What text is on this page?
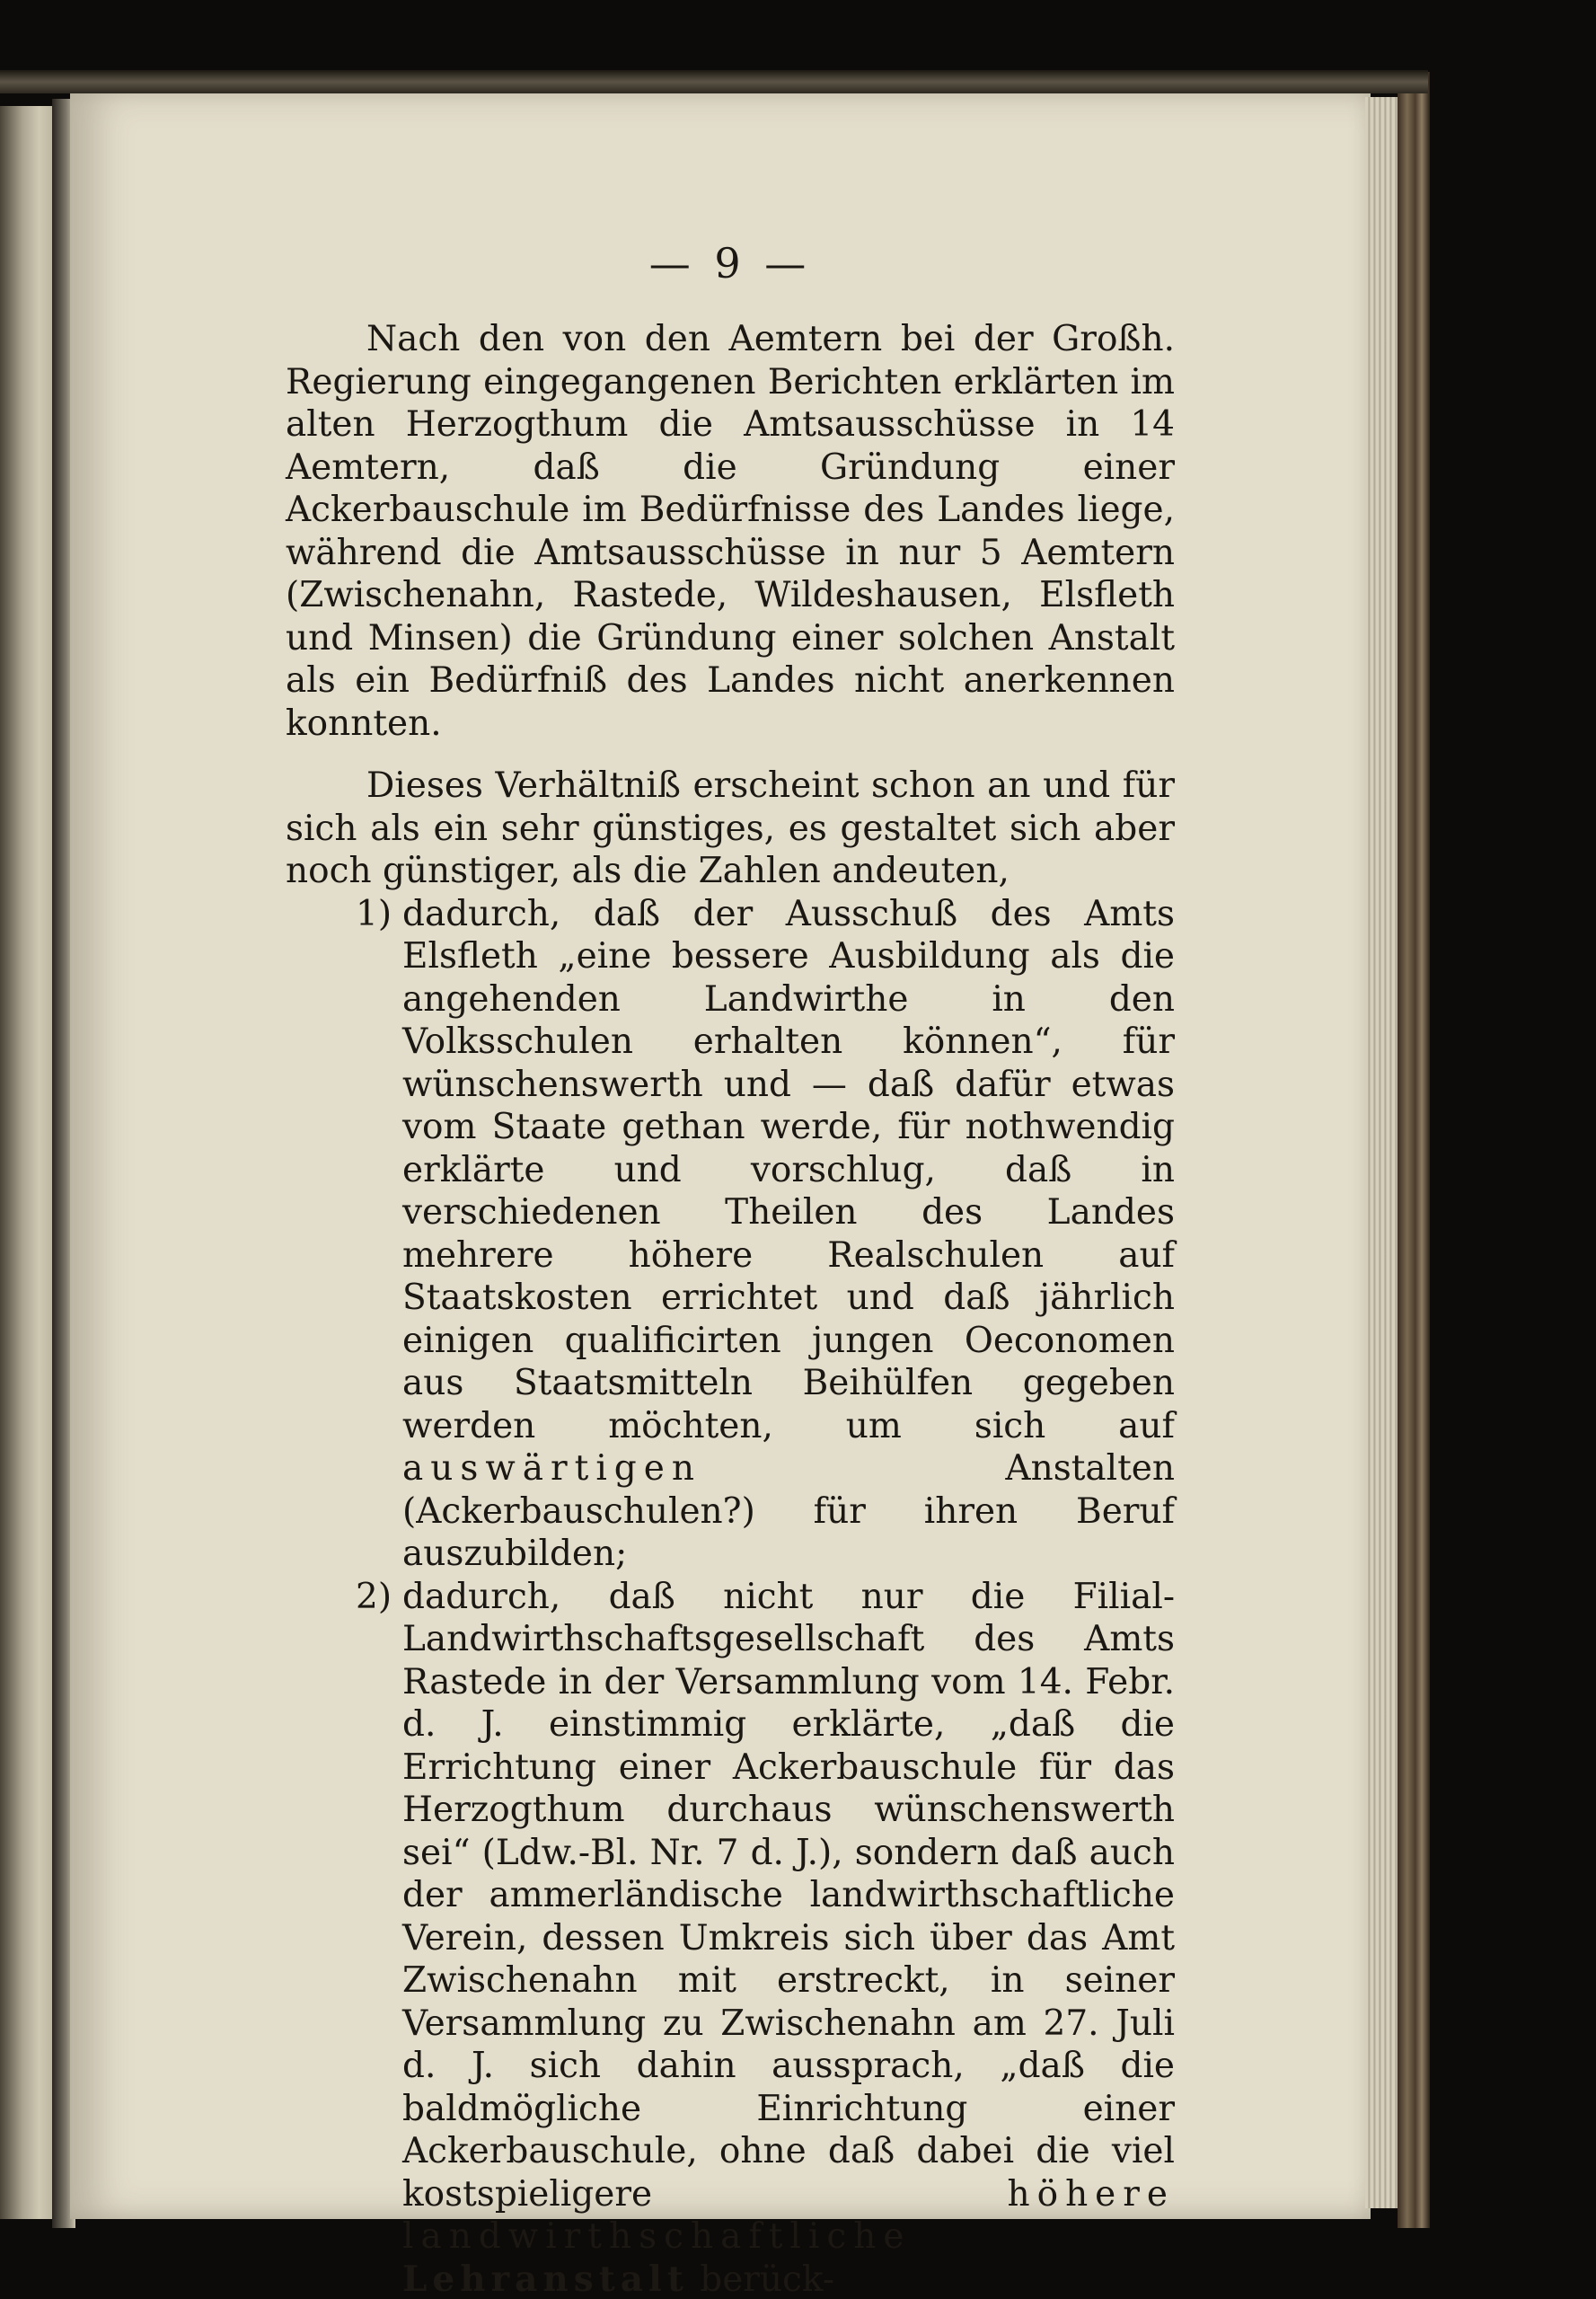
— 9 —

Nach den von den Aemtern bei der Großh. Regierung eingegangenen Berichten erklärten im alten Herzogthum die Amtsausschüsse in 14 Aemtern, daß die Gründung einer Ackerbauschule im Bedürfnisse des Landes liege, während die Amtsausschüsse in nur 5 Aemtern (Zwischenahn, Rastede, Wildeshausen, Elsfleth und Minsen) die Gründung einer solchen Anstalt als ein Bedürfniß des Landes nicht anerkennen konnten.

Dieses Verhältniß erscheint schon an und für sich als ein sehr günstiges, es gestaltet sich aber noch günstiger, als die Zahlen andeuten,

1) dadurch, daß der Ausschuß des Amts Elsfleth „eine bessere Ausbildung als die angehenden Landwirthe in den Volksschulen erhalten können“, für wünschenswerth und — daß dafür etwas vom Staate gethan werde, für nothwendig erklärte und vorschlug, daß in verschiedenen Theilen des Landes mehrere höhere Realschulen auf Staatskosten errichtet und daß jährlich einigen qualificirten jungen Oeconomen aus Staatsmitteln Beihülfen gegeben werden möchten, um sich auf auswärtigen Anstalten (Ackerbauschulen?) für ihren Beruf auszubilden;

2) dadurch, daß nicht nur die Filial-Landwirthschaftsgesellschaft des Amts Rastede in der Versammlung vom 14. Febr. d. J. einstimmig erklärte, „daß die Errichtung einer Ackerbauschule für das Herzogthum durchaus wünschenswerth sei“ (Ldw.-Bl. Nr. 7 d. J.), sondern daß auch der ammerländische landwirthschaftliche Verein, dessen Umkreis sich über das Amt Zwischenahn mit erstreckt, in seiner Versammlung zu Zwischenahn am 27. Juli d. J. sich dahin aussprach, „daß die baldmögliche Einrichtung einer Ackerbauschule, ohne daß dabei die viel kostspieligere höhere landwirthschaftliche Lehranstalt berück-
